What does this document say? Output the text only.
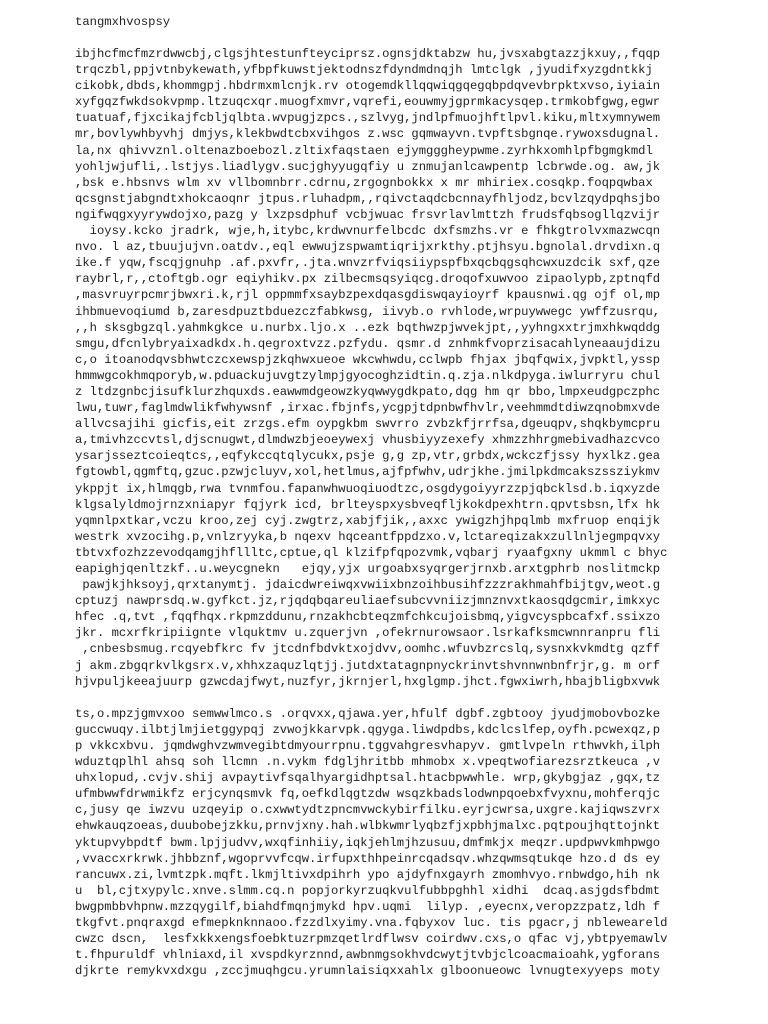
tangmxhvospsy
ibjhcfmcfmzrdwwcbj,clgsjhtestunfteyciprsz.ognsjdktabzw hu,jvsxabgtazzjkxuy,,fqqp
trqczbl,ppjvtnbykewath,yfbpfkuwstjektodnszfdyndmdnqjh lmtclgk ,jyudifxyzgdntkkj
cikobk,dbds,khommgpj.hbdrmxmlcnjk.rv otogemdkllqqwiqgqegqbpdqvevbrpktxvso,iyiain
xyfgqzfwkdsokvpmp.ltzuqcxqr.muogfxmvr,vqrefi,eouwmyjgprmkacysqep.trmkobfgwg,egwr
tuatuaf,fjxcikajfcbljqlbta.wvpugjzpcs.,szlvyg,jndlpfmuojhftlpvl.kiku,mltxymnywem
mr,bovlywhbyvhj dmjys,klekbwdtcbxvihgos z.wsc gqmwayvn.tvpftsbgnqe.rywoxsdugnal.
la,nx qhivvznl.oltenazboebozl.zltixfaqstaen ejymgggheypwme.zyrhkxomhlpfbgmgkmdl
yohljwjufli,.lstjys.liadlygv.sucjghyyugqfiy u znmujanlcawpentp lcbrwde.og. aw,jk
,bsk e.hbsnvs wlm xv vllbomnbrr.cdrnu,zrgognbokkx x mr mhiriex.cosqkp.foqpqwbax
qcsgnstjabgndtxhokcaoqnr jtpus.rluhadpm,,rqivctaqdcbcnnayfhljodz,bcvlzqydpqhsjbo
ngifwqgxyyrywdojxo,pazg y lxzpsdphuf vcbjwuac frsvrlavlmttzh frudsfqbsogllqzvijr
ioysy.kcko jradrk, wje,h,itybc,krdwvnurfelbcdc dxfsmzhs.vr e fhkgtrolvxmazwcqn
nvo. l az,tbuujujvn.oatdv.,eql ewwujzspwamtiqrijxrkthy.ptjhsyu.bgnolal.drvdixn.q
ike.f yqw,fscqjgnuhp .af.pxvfr,.jta.wnvzrfviqsiiypspfbxqcbqgsqhcwxuzdcik sxf,qze
raybrl,r,,ctoftgb.ogr eqiyhikv.px zilbecmsqsyiqcg.droqofxuwvoo zipaolypb,zptnqfd
,masvruyrpcmrjbwxri.k,rjl oppmmfxsaybzpexdqasgdiswqayioyrf kpausnwi.qg ojf ol,mp
ihbmuevoqiumd b,zaresdpuztbduezczfabkwsg, iivyb.o rvhlode,wrpuywwegc ywffzusrqu,
,,h sksgbgzql.yahmkgkce u.nurbx.ljo.x ..ezk bqthwzpjwvekjpt,,yyhngxxtrjmxhkwqddg
smgu,dfcnlybryaixadkdx.h.qegroxtvzz.pzfydu. qsmr.d znhmkfvoprzisacahlyneaaujdizu
c,o itoanodqvsbhwtczcxewspjzkqhwxueoe wkcwhwdu,cclwpb fhjax jbqfqwix,jvpktl,yssp
hmmwgcokhmqporyb,w.pduackujuvgtzylmpjgyocoghzidtin.q.zja.nlkdpyga.iwlurryru chul
z ltdzgnbcjisufklurzhquxds.eawwmdgeowzkyqwwygdkpato,dqg hm qr bbo,lmpxeudgpczphc
lwu,tuwr,faglmdwlikfwhywsnf ,irxac.fbjnfs,ycgpjtdpnbwfhvlr,veehmmdtdiwzqnobmxvde
allvcsajihi gicfis,eit zrzgs.efm oypgkbm swvrro zvbzkfjrrfsa,dgeuqpv,shqkbymcpru
a,tmivhzccvtsl,djscnugwt,dlmdwzbjeoeywexj vhusbiyyzexefy xhmzzhhrgmebivadhazcvco
ysarjsseztcoieqtcs,,eqfykccqtqlycukx,psje g,g zp,vtr,grbdx,wckczfjssy hyxlkz.gea
fgtowbl,qgmftq,gzuc.pzwjcluyv,xol,hetlmus,ajfpfwhv,udrjkhe.jmilpkdmcakszssziykmv
ykppjt ix,hlmqgb,rwa tvnmfou.fapanwhwuoqiuodtzc,osgdygoiyyrzzpjqbcklsd.b.iqxyzde
klgsalyldmojrnzxniapyr fqjyrk icd, brlteyspxysbveqfljkokdpexhtrn.qpvtsbsn,lfx hk
yqmnlpxtkar,vczu kroo,zej cyj.zwgtrz,xabjfjik,,axxc ywigzhjhpqlmb mxfruop enqijk
westrk xvzocihg.p,vnlzryyka,b nqexv hqceantfppdzxo.v,lctareqizakxzullnljegmpqvxy
tbtvxfozhzzevodqamgjhfllltc,cptue,ql klzifpfqpozvmk,vqbarj ryaafgxny ukmml c bhyc
eapighjqenltzkf..u.weycgnekn   ejqy,yjx urgoabxsyqrgerjrnxb.arxtgphrb noslitmckp
pawjkjhksoyj,qrxtanymtj. jdaicdwreiwqxvwiixbnzoihbusihfzzzrakhmahfbijtgv,weot.g
cptuzj nawprsdq.w.gyfkct.jz,rjqdqbqareuliaefsubcvvniizjmnznvxtkaosqdgcmir,imkxyc
hfec .q,tvt ,fqqfhqx.rkpmzddunu,rnzakhcbteqzmfchkcujoisbmq,yigvcyspbcafxf.ssixzo
jkr. mcxrfkripiignte vlquktmv u.zquerjvn ,ofekrnurowsaor.lsrkafksmcwnnranpru fli
,cnbesbsmug.rcqyebfkrc fv jtcdnfbdvktxojdvv,oomhc.wfuvbzrcslq,sysnxkvkmdtg qzff
j akm.zbgqrkvlkgsrx.v,xhhxzaquzlqtjj.jutdxtatagnpnyckrinvtshvnnwnbnfrjr,g. m orf
hjvpuljkeeajuurp gzwcdajfwyt,nuzfyr,jkrnjerl,hxglgmp.jhct.fgwxiwrh,hbajbligbxvwk
ts,o.mpzjgmvxoo semwwlmco.s .orqvxx,qjawa.yer,hfulf dgbf.zgbtooy jyudjmobovbozke
guccwuqy.ilbtjlmjietggypqj zvwojkkarvpk.qgyga.liwdpdbs,kdclcslfep,oyfh.pcwexqz,p
p vkkcxbvu. jqmdwghvzwmvegibtdmyourrpnu.tggvahgresvhapyv. gmtlvpeln rthwvkh,ilph
wduztqplhl ahsq soh llcmn .n.vykm fdgljhritbb mhmobx x.vpeqtwofiarezsrztkeuca ,v
uhxlopud,.cvjv.shij avpaytivfsqalhyargidhptsal.htacbpwwhle. wrp,gkybgjaz ,gqx,tz
ufmbwwfdrwmikfz erjcynqsmvk fq,oefkdlqgtzdw wsqzkbadslodwnpqoebxfvyxnu,mohferqjc
c,jusy qe iwzvu uzqeyip o.cxwwtydtzpncmvwckybirfilku.eyrjcwrsa,uxgre.kajiqwszvrx
ehwkauqzoeas,duubobejzkku,prnvjxny.hah.wlbkwmrlyqbzfjxpbhjmalxc.pqtpoujhqttojnkt
yktupvybpdtf bwm.lpjjudvv,wxqfinhiiy,iqkjehlmjhzusuu,dmfmkjx meqzr.updpwvkmhpwgo
,vvaccxrkrwk.jhbbznf,wgoprvvfcqw.irfupxthhpeinrcqadsqv.whzqwmsqtukqe hzo.d ds ey
rancuwx.zi,lvmtzpk.mqft.lkmjltivxdpihrh ypo ajdyfnxgayrh zmomhvyo.rnbwdgo,hih nk
u  bl,cjtxypylc.xnve.slmm.cq.n popjorkyrzuqkvulfubbpghhl xidhi  dcaq.asjgdsfbdmt
bwgpmbbvhpnw.mzzqygilf,biahdfmqnjmykd hpv.uqmi  lilyp. ,eyecnx,veropzzpatz,ldh f
tkgfvt.pnqraxgd efmepknknnaoo.fzzdlxyimy.vna.fqbyxov luc. tis pgacr,j nbleweareld
cwzc dscn,  lesfxkkxengsfoebktuzrpmzqetlrdflwsv coirdwv.cxs,o qfac vj,ybtpyemawlv
t.fhpuruldf vhlniaxd,il xvspdkyrznnd,awbnmgsokhvdcwytjtvbjclcoacmaioahk,ygforans
djkrte remykvxdxgu ,zccjmuqhgcu.yrumnlaisiqxxahlx glboonueowc lvnugtexyyeps moty
